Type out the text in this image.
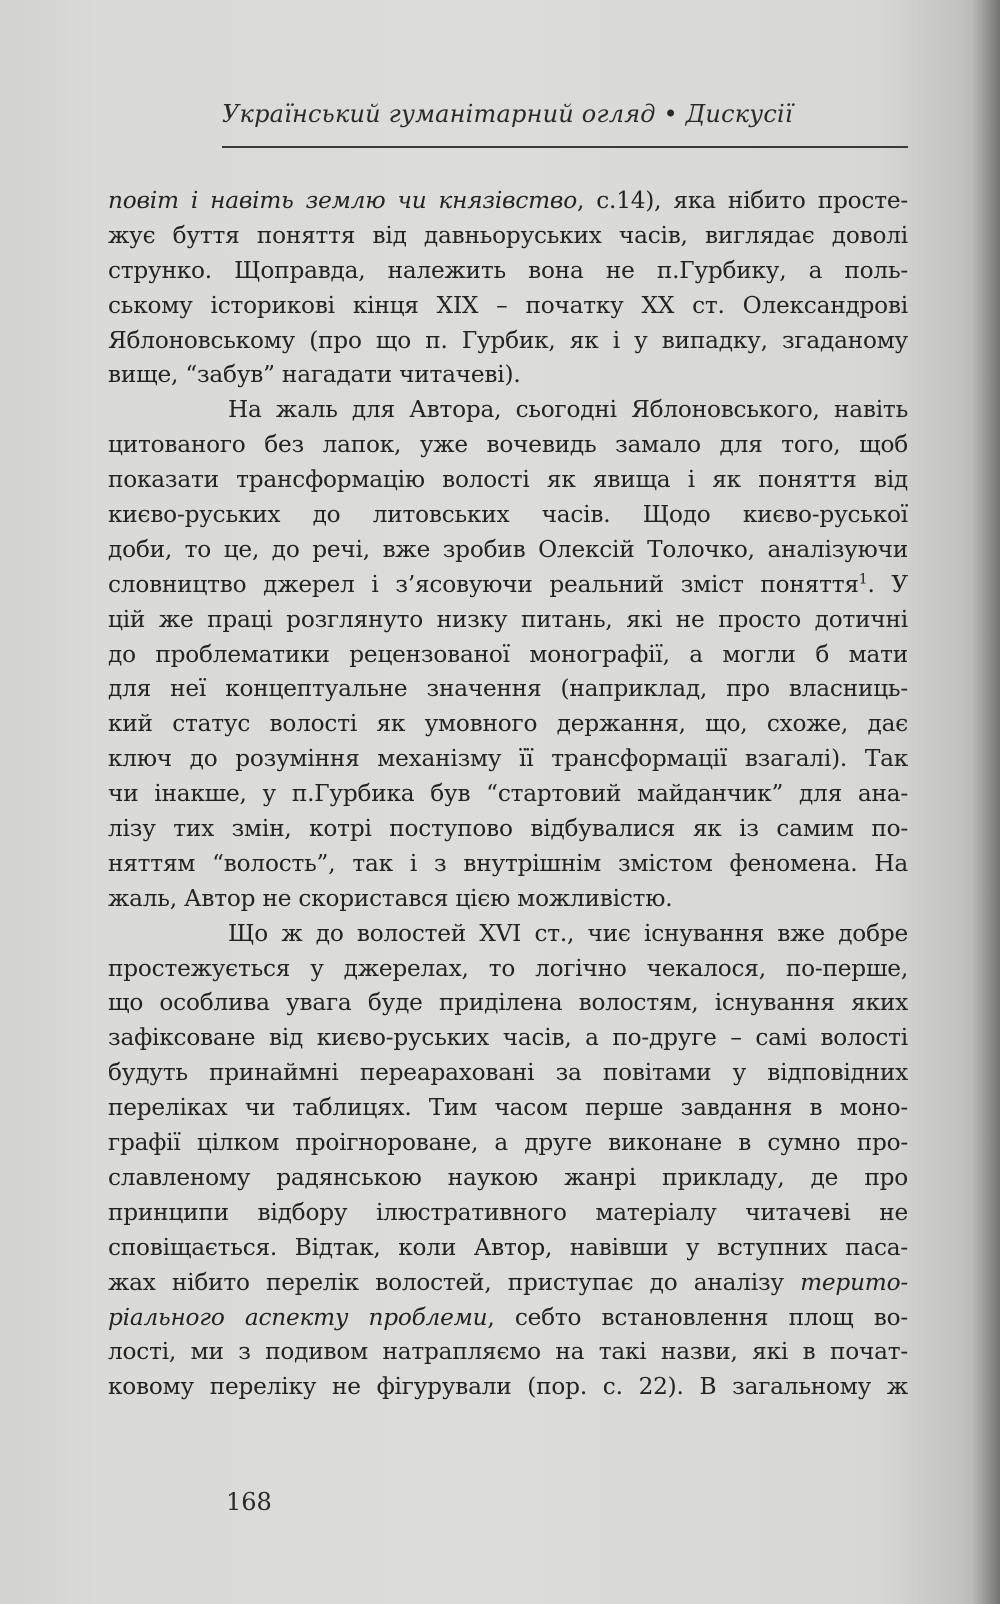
Український гуманітарний огляд • Дискусії
повіт і навіть землю чи князівство, с.14), яка нібито просте-
жує буття поняття від давньоруських часів, виглядає доволі
струнко. Щоправда, належить вона не п.Гурбику, а поль-
ському історикові кінця XIX – початку XX ст. Олександрові
Яблоновському (про що п. Гурбик, як і у випадку, згаданому
вище, “забув” нагадати читачеві).
На жаль для Автора, сьогодні Яблоновського, навіть
цитованого без лапок, уже вочевидь замало для того, щоб
показати трансформацію волості як явища і як поняття від
києво-руських до литовських часів. Щодо києво-руської
доби, то це, до речі, вже зробив Олексій Толочко, аналізуючи
словництво джерел і з’ясовуючи реальний зміст поняття$^1$. У
цій же праці розглянуто низку питань, які не просто дотичні
до проблематики рецензованої монографії, а могли б мати
для неї концептуальне значення (наприклад, про власниць-
кий статус волості як умовного держання, що, схоже, дає
ключ до розуміння механізму її трансформації взагалі). Так
чи інакше, у п.Гурбика був “стартовий майданчик” для ана-
лізу тих змін, котрі поступово відбувалися як із самим по-
няттям “волость”, так і з внутрішнім змістом феномена. На
жаль, Автор не скористався цією можливістю.
Що ж до волостей XVI ст., чиє існування вже добре
простежується у джерелах, то логічно чекалося, по-перше,
що особлива увага буде приділена волостям, існування яких
зафіксоване від києво-руських часів, а по-друге – самі волості
будуть принаймні переараховані за повітами у відповідних
переліках чи таблицях. Тим часом перше завдання в моно-
графії цілком проігнороване, а друге виконане в сумно про-
славленому радянською наукою жанрі прикладу, де про
принципи відбору ілюстративного матеріалу читачеві не
сповіщається. Відтак, коли Автор, навівши у вступних паса-
жах нібито перелік волостей, приступає до аналізу терито-
ріального аспекту проблеми, себто встановлення площ во-
лості, ми з подивом натрапляємо на такі назви, які в почат-
ковому переліку не фігурували (пор. с. 22). В загальному ж
168
